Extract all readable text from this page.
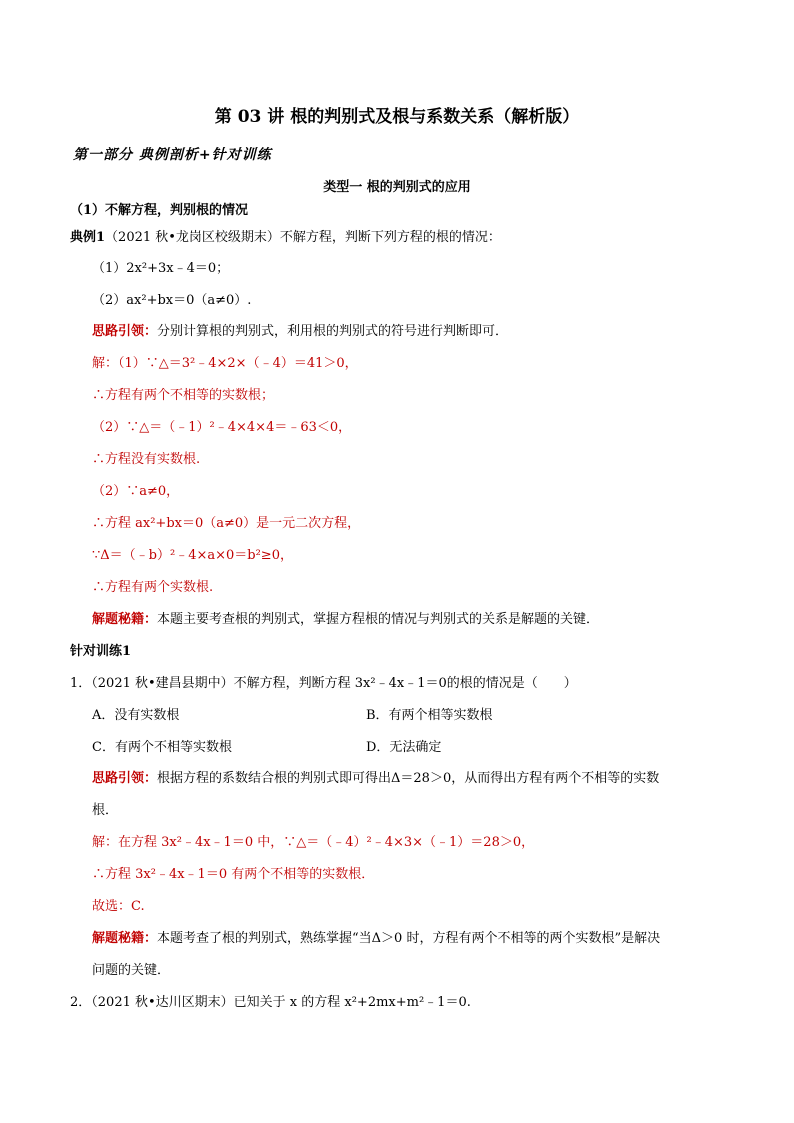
第 03 讲 根的判别式及根与系数关系（解析版）
第一部分 典例剖析+针对训练
类型一 根的判别式的应用
（1）不解方程，判别根的情况
典例1（2021 秋•龙岗区校级期末）不解方程，判断下列方程的根的情况：
（1）2x²+3x﹣4＝0；
（2）ax²+bx＝0（a≠0）.
思路引领：分别计算根的判别式，利用根的判别式的符号进行判断即可．
解：（1）∵△＝3²﹣4×2×（﹣4）＝41＞0，
∴方程有两个不相等的实数根；
（2）∵△＝（﹣1）²﹣4×4×4＝﹣63＜0，
∴方程没有实数根.
（2）∵a≠0，
∴方程 ax²+bx＝0（a≠0）是一元二次方程，
∵Δ＝（﹣b）²﹣4×a×0＝b²≥0，
∴方程有两个实数根.
解题秘籍：本题主要考查根的判别式，掌握方程根的情况与判别式的关系是解题的关键．
针对训练1
1．（2021 秋•建昌县期中）不解方程，判断方程 3x²﹣4x﹣1＝0的根的情况是（　　）
A．没有实数根	B．有两个相等实数根
C．有两个不相等实数根	D．无法确定
思路引领：根据方程的系数结合根的判别式即可得出Δ＝28＞0，从而得出方程有两个不相等的实数
根．
解：在方程 3x²﹣4x﹣1＝0 中，∵△＝（﹣4）²﹣4×3×（﹣1）＝28＞0，
∴方程 3x²﹣4x﹣1＝0 有两个不相等的实数根．
故选：C.
解题秘籍：本题考查了根的判别式，熟练掌握“当Δ＞0 时，方程有两个不相等的两个实数根”是解决
问题的关键．
2．（2021 秋•达川区期末）已知关于 x 的方程 x²+2mx+m²﹣1＝0.
